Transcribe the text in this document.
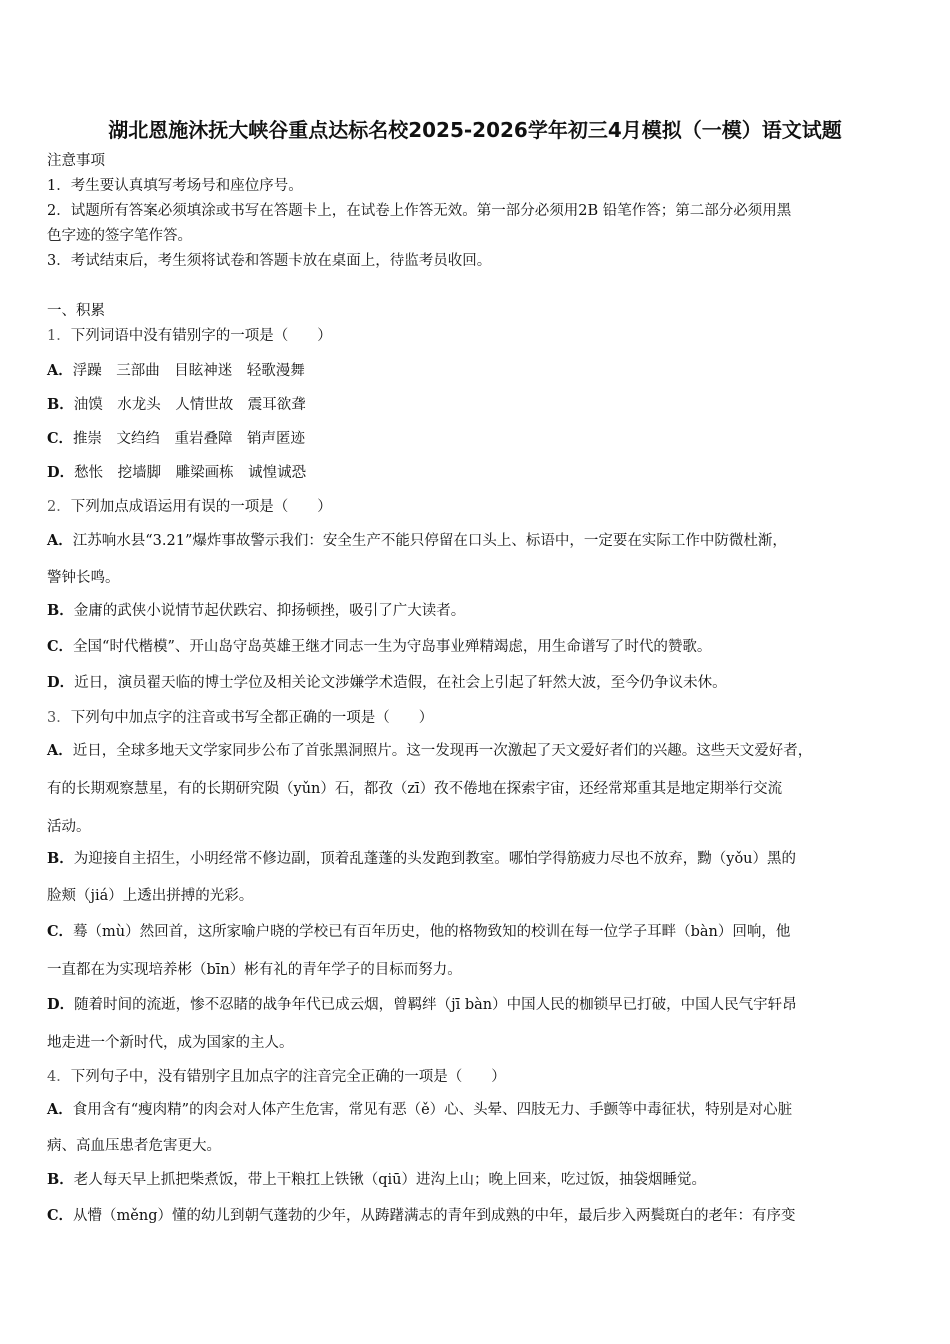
湖北恩施沐抚大峡谷重点达标名校2025-2026学年初三4月模拟（一模）语文试题
注意事项
1．考生要认真填写考场号和座位序号。
2．试题所有答案必须填涂或书写在答题卡上，在试卷上作答无效。第一部分必须用2B 铅笔作答；第二部分必须用黑
色字迹的签字笔作答。
3．考试结束后，考生须将试卷和答题卡放在桌面上，待监考员收回。
一、积累
1．下列词语中没有错别字的一项是（　　）
A．浮躁　三部曲　目眩神迷　轻歌漫舞
B．油馍　水龙头　人情世故　震耳欲聋
C．推崇　文绉绉　重岩叠障　销声匿迹
D．愁怅　挖墙脚　雕梁画栋　诚惶诚恐
2．下列加点成语运用有误的一项是（　　）
A．江苏响水县“3.21”爆炸事故警示我们：安全生产不能只停留在口头上、标语中，一定要在实际工作中防微杜渐，
警钟长鸣。
B．金庸的武侠小说情节起伏跌宕、抑扬顿挫，吸引了广大读者。
C．全国“时代楷模”、开山岛守岛英雄王继才同志一生为守岛事业殚精竭虑，用生命谱写了时代的赞歌。
D．近日，演员翟天临的博士学位及相关论文涉嫌学术造假，在社会上引起了轩然大波，至今仍争议未休。
3．下列句中加点字的注音或书写全都正确的一项是（　　）
A．近日，全球多地天文学家同步公布了首张黑洞照片。这一发现再一次激起了天文爱好者们的兴趣。这些天文爱好者，
有的长期观察慧星，有的长期研究陨（yǔn）石，都孜（zī）孜不倦地在探索宇宙，还经常郑重其是地定期举行交流
活动。
B．为迎接自主招生，小明经常不修边副，顶着乱蓬蓬的头发跑到教室。哪怕学得筋疲力尽也不放弃，黝（yǒu）黑的
脸颊（jiá）上透出拼搏的光彩。
C．蓦（mù）然回首，这所家喻户晓的学校已有百年历史，他的格物致知的校训在每一位学子耳畔（bàn）回响，他
一直都在为实现培养彬（bīn）彬有礼的青年学子的目标而努力。
D．随着时间的流逝，惨不忍睹的战争年代已成云烟，曾羁绊（jī bàn）中国人民的枷锁早已打破，中国人民气宇轩昂
地走进一个新时代，成为国家的主人。
4．下列句子中，没有错别字且加点字的注音完全正确的一项是（　　）
A．食用含有“瘦肉精”的肉会对人体产生危害，常见有恶（ě）心、头晕、四肢无力、手颤等中毒征状，特别是对心脏
病、高血压患者危害更大。
B．老人每天早上抓把柴煮饭，带上干粮扛上铁锹（qiū）进沟上山；晚上回来，吃过饭，抽袋烟睡觉。
C．从懵（měng）懂的幼儿到朝气蓬勃的少年，从踌躇满志的青年到成熟的中年，最后步入两鬓斑白的老年：有序变
